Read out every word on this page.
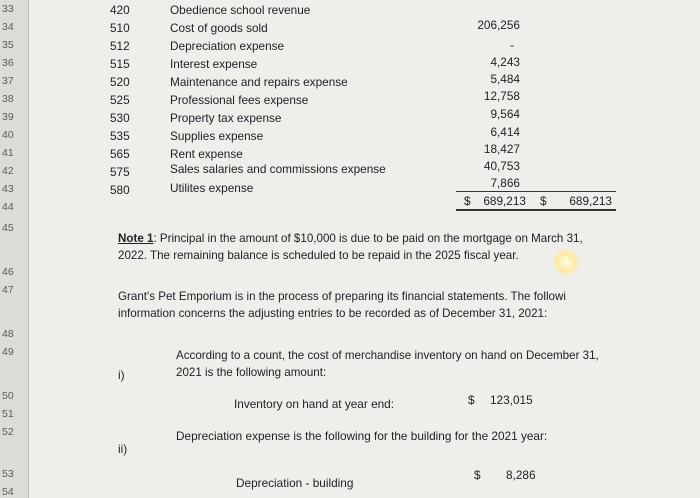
33
34
35
36
37
38
39
40
41
42
43
44
45
46
47
48
49
50
51
52
53
54
420	Obedience school revenue
510	Cost of goods sold	206,256
512	Depreciation expense	-
515	Interest expense	4,243
520	Maintenance and repairs expense	5,484
525	Professional fees expense	12,758
530	Property tax expense	9,564
535	Supplies expense	6,414
565	Rent expense	18,427
575	Sales salaries and commissions expense	40,753
580	Utilites expense	7,866
$	689,213 $	689,213
Note 1: Principal in the amount of $10,000 is due to be paid on the mortgage on March 31,
2022. The remaining balance is scheduled to be repaid in the 2025 fiscal year.
Grant's Pet Emporium is in the process of preparing its financial statements. The followi
information concerns the adjusting entries to be recorded as of December 31, 2021:
i)
According to a count, the cost of merchandise inventory on hand on December 31,
2021 is the following amount:
Inventory on hand at year end:	$ 123,015
ii)
Depreciation expense is the following for the building for the 2021 year:
Depreciation - building
$ 8,286
